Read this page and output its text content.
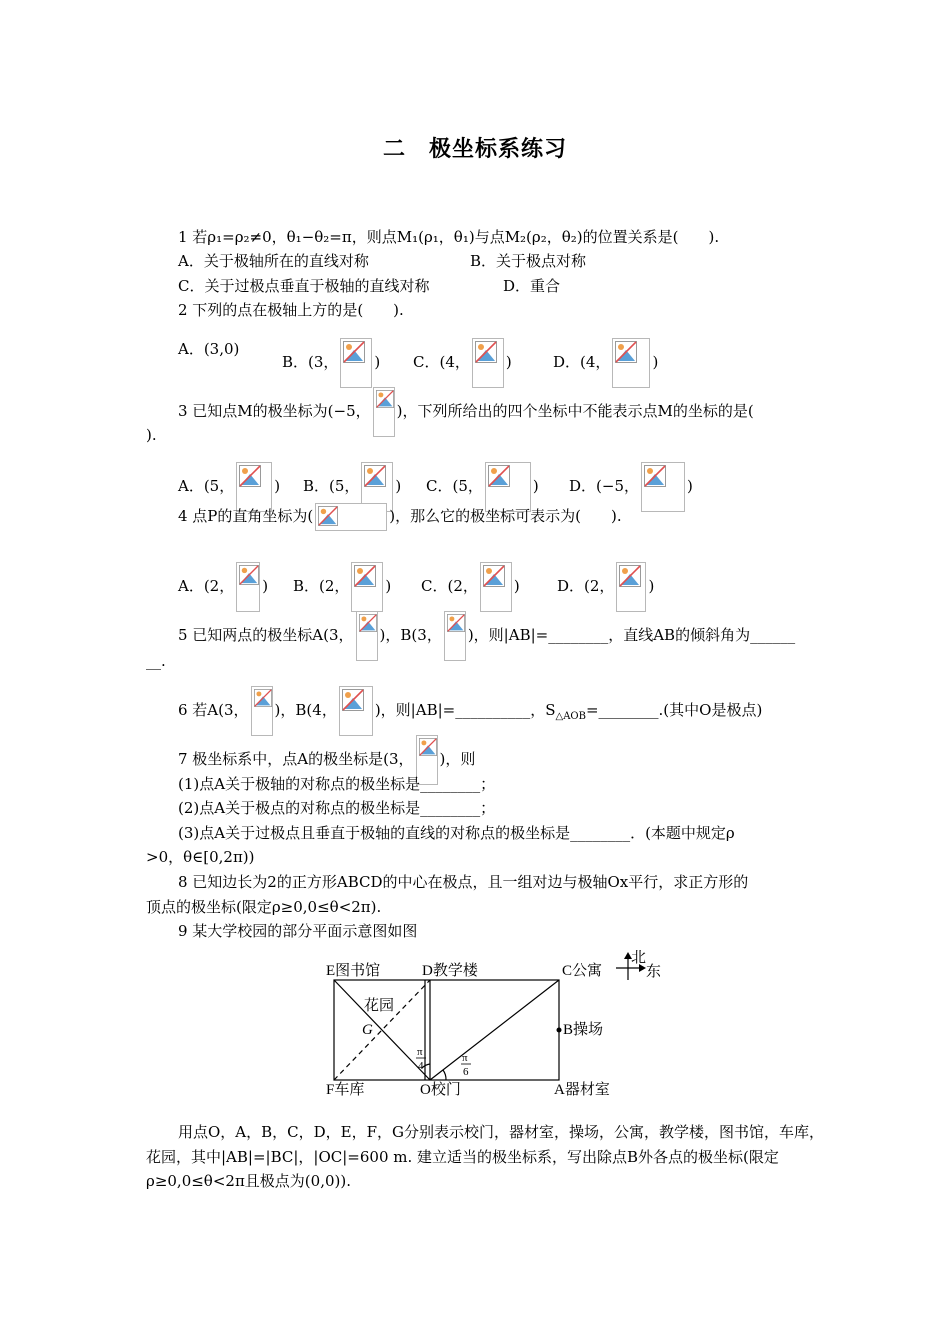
二　极坐标系练习
1 若ρ₁=ρ₂≠0，θ₁−θ₂=π，则点M₁(ρ₁，θ₁)与点M₂(ρ₂，θ₂)的位置关系是(　　).
A．关于极轴所在的直线对称	B．关于极点对称
C．关于过极点垂直于极轴的直线对称	D．重合
2 下列的点在极轴上方的是(　　).
A．(3,0)
B．(3， ) C．(4， )	D．(4，	)
3 已知点M的极坐标为(−5， )，下列所给出的四个坐标中不能表示点M的坐标的是(
).
A．(5，	) B．(5， ) C．(5，	) D．(−5，	)
4 点P的直角坐标为(	)，那么它的极坐标可表示为(　　).
A．(2， ) B．(2， ) C．(2， ) D．(2， )
5 已知两点的极坐标A(3， )，B(3， )，则|AB|=________，直线AB的倾斜角为______
__.
6 若A(3， )，B(4，	)，则|AB|=__________，$S_{\triangle AOB}=\_\_\_\_\_\_\_\_$.(其中O是极点)
7 极坐标系中，点A的极坐标是(3， )，则
(1)点A关于极轴的对称点的极坐标是________；
(2)点A关于极点的对称点的极坐标是________；
(3)点A关于过极点且垂直于极轴的直线的对称点的极坐标是________．(本题中规定ρ
>0，θ∈[0,2π))
8 已知边长为2的正方形ABCD的中心在极点，且一组对边与极轴Ox平行，求正方形的
顶点的极坐标(限定ρ≥0,0≤θ<2π).
9 某大学校园的部分平面示意图如图
E图书馆	D教学楼	C公寓
北
东
花园
G	B操场
F车库	O校门	A器材室
π
4
π
6
用点O，A，B，C，D，E，F，G分别表示校门，器材室，操场，公寓，教学楼，图书馆，车库，
花园，其中|AB|=|BC|，|OC|=600 m. 建立适当的极坐标系，写出除点B外各点的极坐标(限定
ρ≥0,0≤θ<2π且极点为(0,0)).
